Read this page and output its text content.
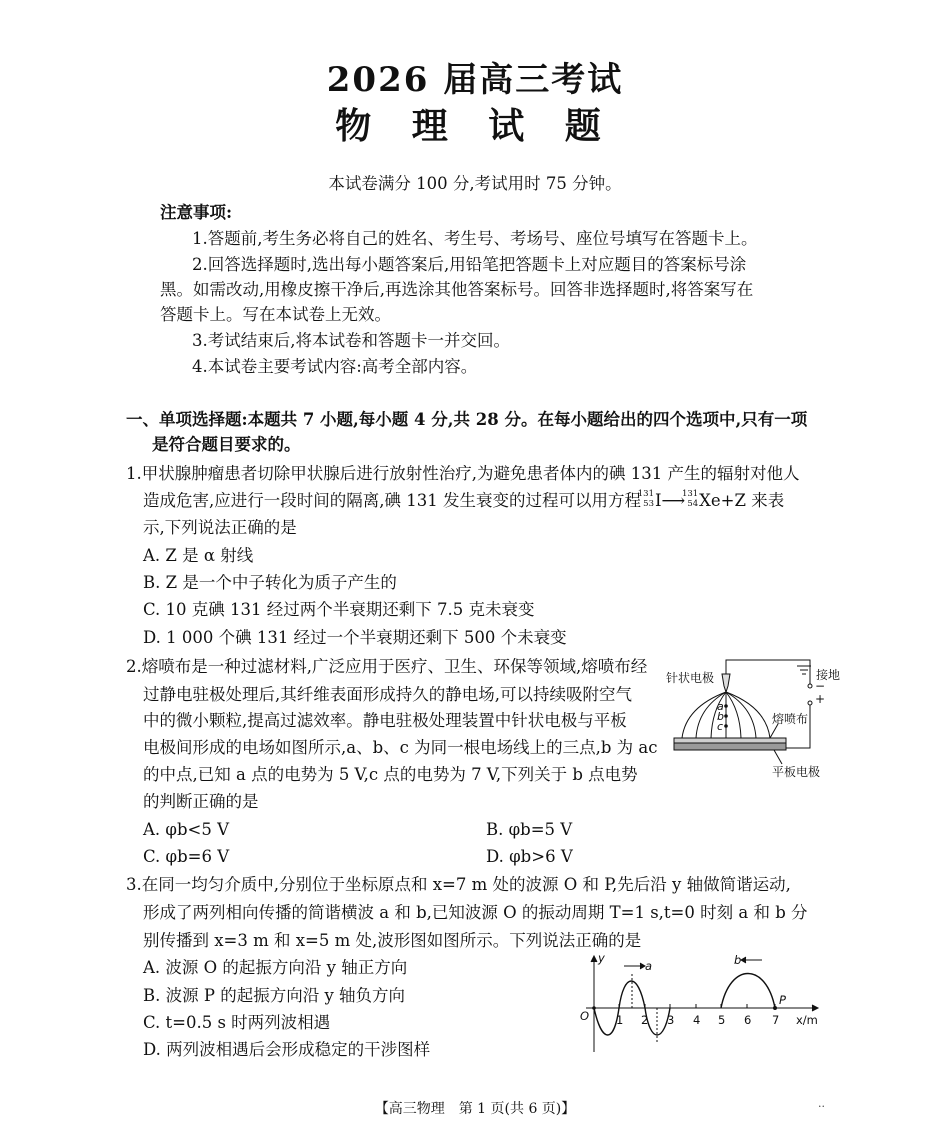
2026 届高三考试
物 理 试 题
本试卷满分 100 分,考试用时 75 分钟。
注意事项:
1.答题前,考生务必将自己的姓名、考生号、考场号、座位号填写在答题卡上。
2.回答选择题时,选出每小题答案后,用铅笔把答题卡上对应题目的答案标号涂
黑。如需改动,用橡皮擦干净后,再选涂其他答案标号。回答非选择题时,将答案写在
答题卡上。写在本试卷上无效。
3.考试结束后,将本试卷和答题卡一并交回。
4.本试卷主要考试内容:高考全部内容。
一、单项选择题:本题共 7 小题,每小题 4 分,共 28 分。在每小题给出的四个选项中,只有一项
是符合题目要求的。
1.甲状腺肿瘤患者切除甲状腺后进行放射性治疗,为避免患者体内的碘 131 产生的辐射对他人
造成危害,应进行一段时间的隔离,碘 131 发生衰变的过程可以用方程
131
53 I⟶
131
54 Xe+Z 来表
示,下列说法正确的是
B. Z 是一个中子转化为质子产生的
A. Z 是 α 射线
C. 10 克碘 131 经过两个半衰期还剩下 7.5 克未衰变
D. 1 000 个碘 131 经过一个半衰期还剩下 500 个未衰变
2.熔喷布是一种过滤材料,广泛应用于医疗、卫生、环保等领域,熔喷布经
过静电驻极处理后,其纤维表面形成持久的静电场,可以持续吸附空气
中的微小颗粒,提高过滤效率。静电驻极处理装置中针状电极与平板
电极间形成的电场如图所示,a、b、c 为同一根电场线上的三点,b 为 ac
的中点,已知 a 点的电势为 5 V,c 点的电势为 7 V,下列关于 b 点电势
的判断正确的是
A. φb<5 V	B. φb=5 V
C. φb=6 V	D. φb>6 V
a
b
c
针状电极	接地
−
+
熔喷布
平板电极
3.在同一均匀介质中,分别位于坐标原点和 x=7 m 处的波源 O 和 P,先后沿 y 轴做简谐运动,
形成了两列相向传播的简谐横波 a 和 b,已知波源 O 的振动周期 T=1 s,t=0 时刻 a 和 b 分
别传播到 x=3 m 和 x=5 m 处,波形图如图所示。下列说法正确的是
A. 波源 O 的起振方向沿 y 轴正方向
B. 波源 P 的起振方向沿 y 轴负方向
C. t=0.5 s 时两列波相遇
D. 两列波相遇后会形成稳定的干涉图样
y
x/m
O 1 2 3 4 5 6 7
a	b
P
【高三物理　第 1 页(共 6 页)】	··
